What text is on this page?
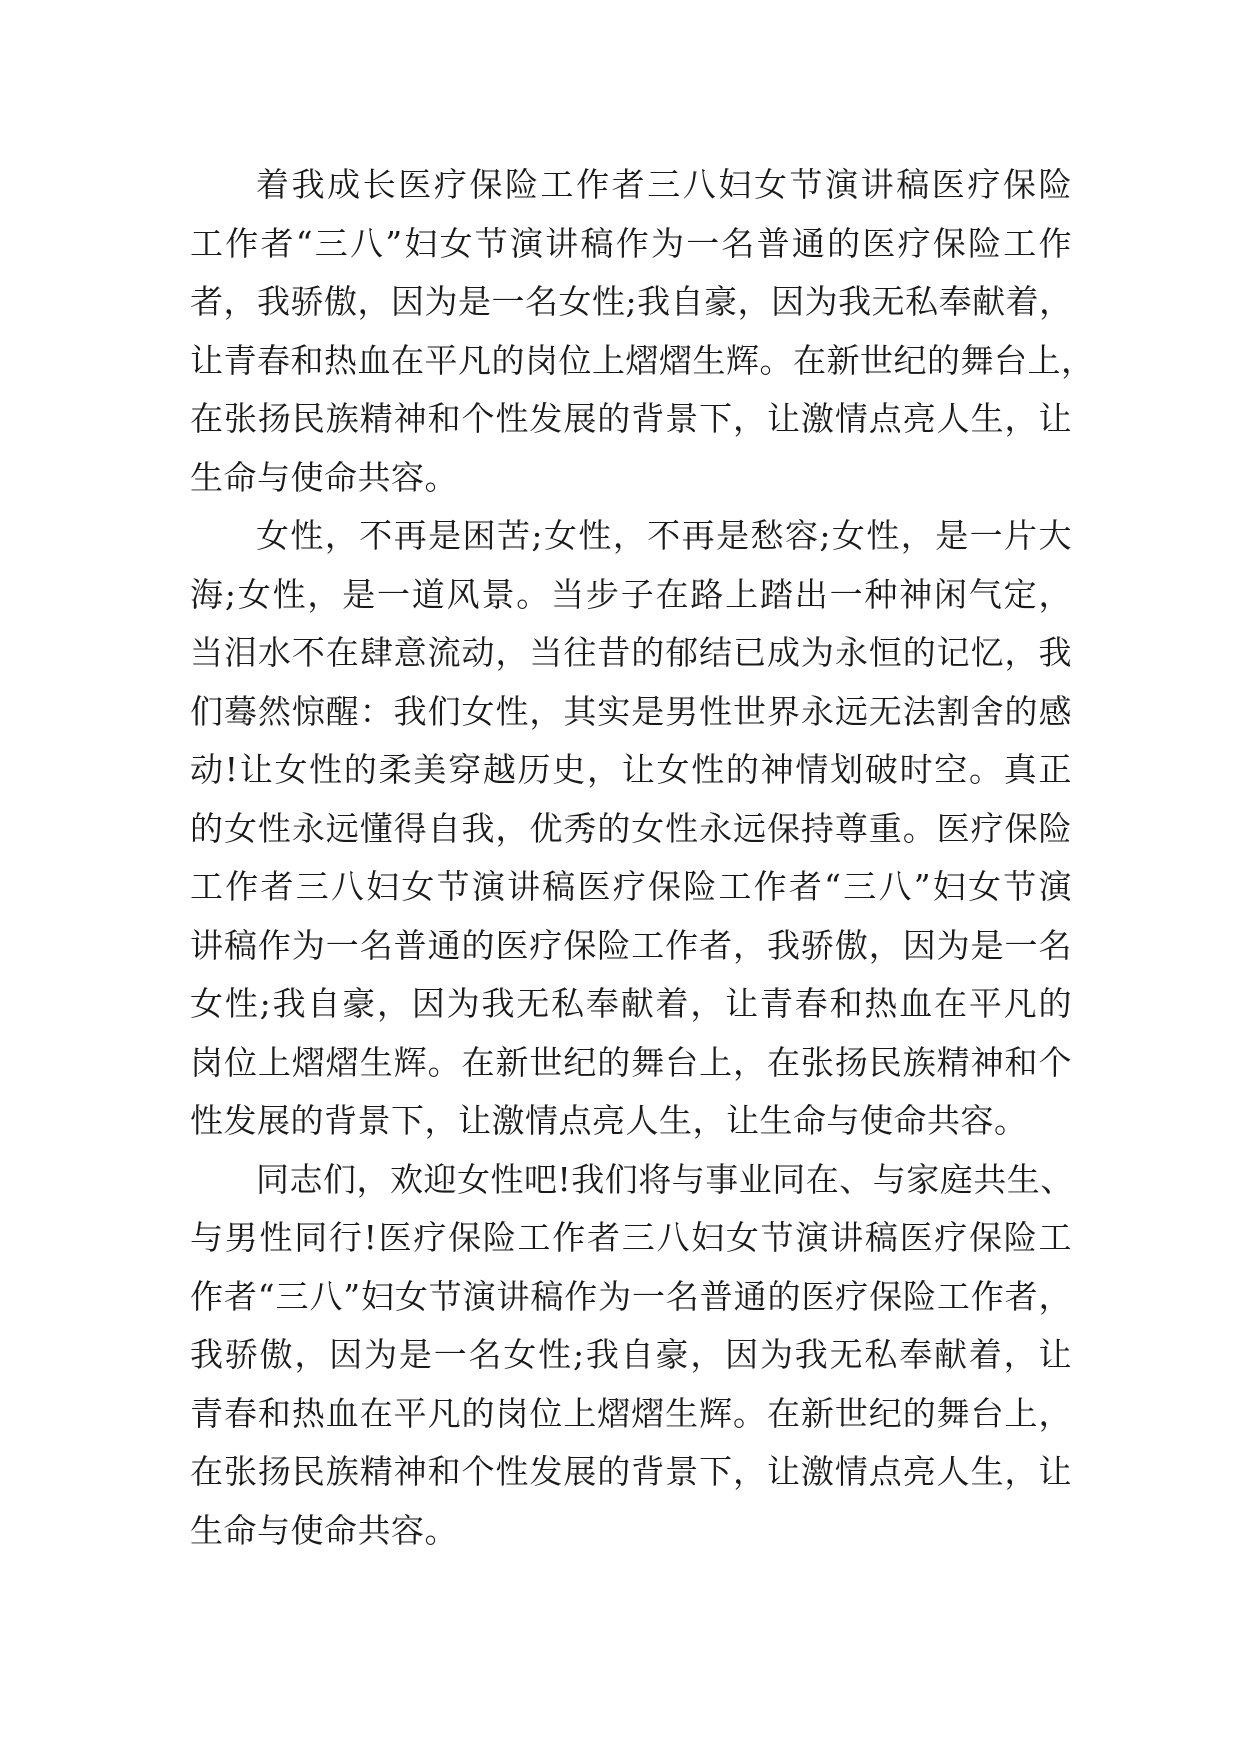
着我成长医疗保险工作者三八妇女节演讲稿医疗保险
工作者“三八”妇女节演讲稿作为一名普通的医疗保险工作
者，我骄傲，因为是一名女性;我自豪，因为我无私奉献着，
让青春和热血在平凡的岗位上熠熠生辉。在新世纪的舞台上，
在张扬民族精神和个性发展的背景下，让激情点亮人生，让
生命与使命共容。
女性，不再是困苦;女性，不再是愁容;女性，是一片大
海;女性，是一道风景。当步子在路上踏出一种神闲气定，
当泪水不在肆意流动，当往昔的郁结已成为永恒的记忆，我
们蓦然惊醒：我们女性，其实是男性世界永远无法割舍的感
动!让女性的柔美穿越历史，让女性的神情划破时空。真正
的女性永远懂得自我，优秀的女性永远保持尊重。医疗保险
工作者三八妇女节演讲稿医疗保险工作者“三八”妇女节演
讲稿作为一名普通的医疗保险工作者，我骄傲，因为是一名
女性;我自豪，因为我无私奉献着，让青春和热血在平凡的
岗位上熠熠生辉。在新世纪的舞台上，在张扬民族精神和个
性发展的背景下，让激情点亮人生，让生命与使命共容。
同志们，欢迎女性吧!我们将与事业同在、与家庭共生、
与男性同行!医疗保险工作者三八妇女节演讲稿医疗保险工
作者“三八”妇女节演讲稿作为一名普通的医疗保险工作者，
我骄傲，因为是一名女性;我自豪，因为我无私奉献着，让
青春和热血在平凡的岗位上熠熠生辉。在新世纪的舞台上，
在张扬民族精神和个性发展的背景下，让激情点亮人生，让
生命与使命共容。
